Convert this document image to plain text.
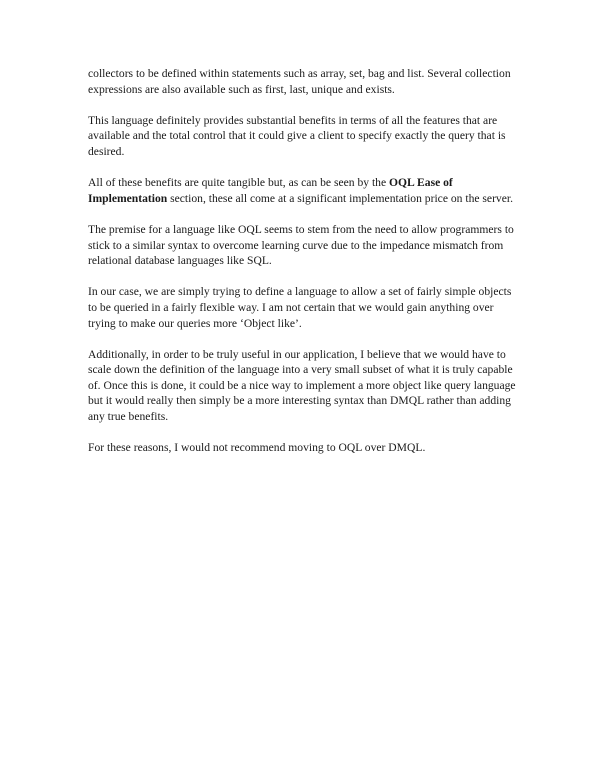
collectors to be defined within statements such as array, set, bag and list. Several collection expressions are also available such as first, last, unique and exists.

This language definitely provides substantial benefits in terms of all the features that are available and the total control that it could give a client to specify exactly the query that is desired.

All of these benefits are quite tangible but, as can be seen by the OQL Ease of Implementation section, these all come at a significant implementation price on the server.

The premise for a language like OQL seems to stem from the need to allow programmers to stick to a similar syntax to overcome learning curve due to the impedance mismatch from relational database languages like SQL.

In our case, we are simply trying to define a language to allow a set of fairly simple objects to be queried in a fairly flexible way. I am not certain that we would gain anything over trying to make our queries more ‘Object like’.

Additionally, in order to be truly useful in our application, I believe that we would have to scale down the definition of the language into a very small subset of what it is truly capable of. Once this is done, it could be a nice way to implement a more object like query language but it would really then simply be a more interesting syntax than DMQL rather than adding any true benefits.

For these reasons, I would not recommend moving to OQL over DMQL.
